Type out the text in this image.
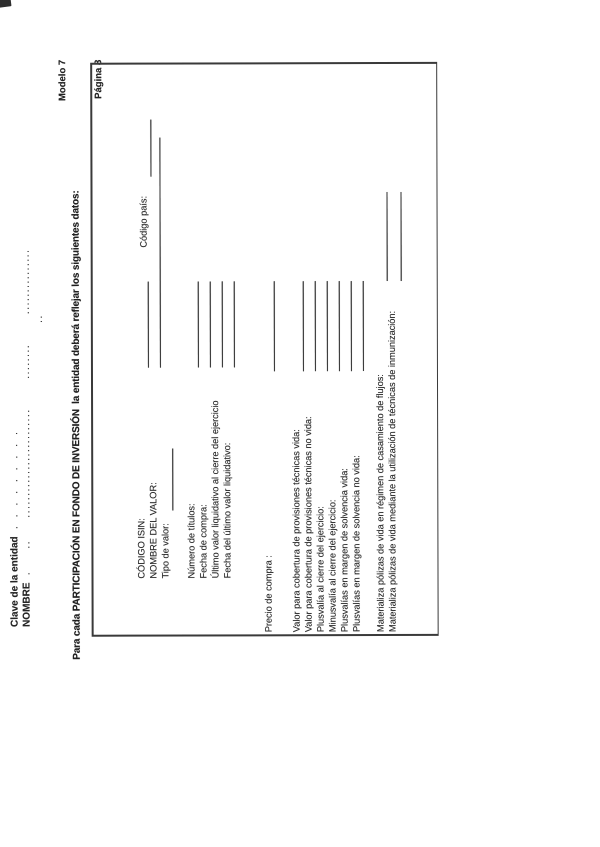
Clave de la entidad . . . . . . . . .
NOMBRE .   ..   .........................    ........    ............... ..

Modelo 7

	Página 8

Para cada PARTICIPACIÓN EN FONDO DE INVERSIÓN  la entidad deberá reflejar los siguientes datos:	CÓDIGO ISIN:
Código país:
NOMBRE DEL VALOR: Tipo de valor: Número de títulos: Fecha de compra: Último valor liquidativo al cierre del ejercicio Fecha del último valor liquidativo:
Precio de compra : Valor para cobertura de provisiones técnicas vida: Valor para cobertura de provisiones técnicas no vida: Plusvalía al cierre del ejercicio: Minusvalía al cierre del ejercicio: Plusvalías en margen de solvencia vida: Plusvalías en margen de solvencia no vida: Materializa pólizas de vida en régimen de casamiento de flujos: Materializa pólizas de vida mediante la utilización de técnicas de inmunización:
